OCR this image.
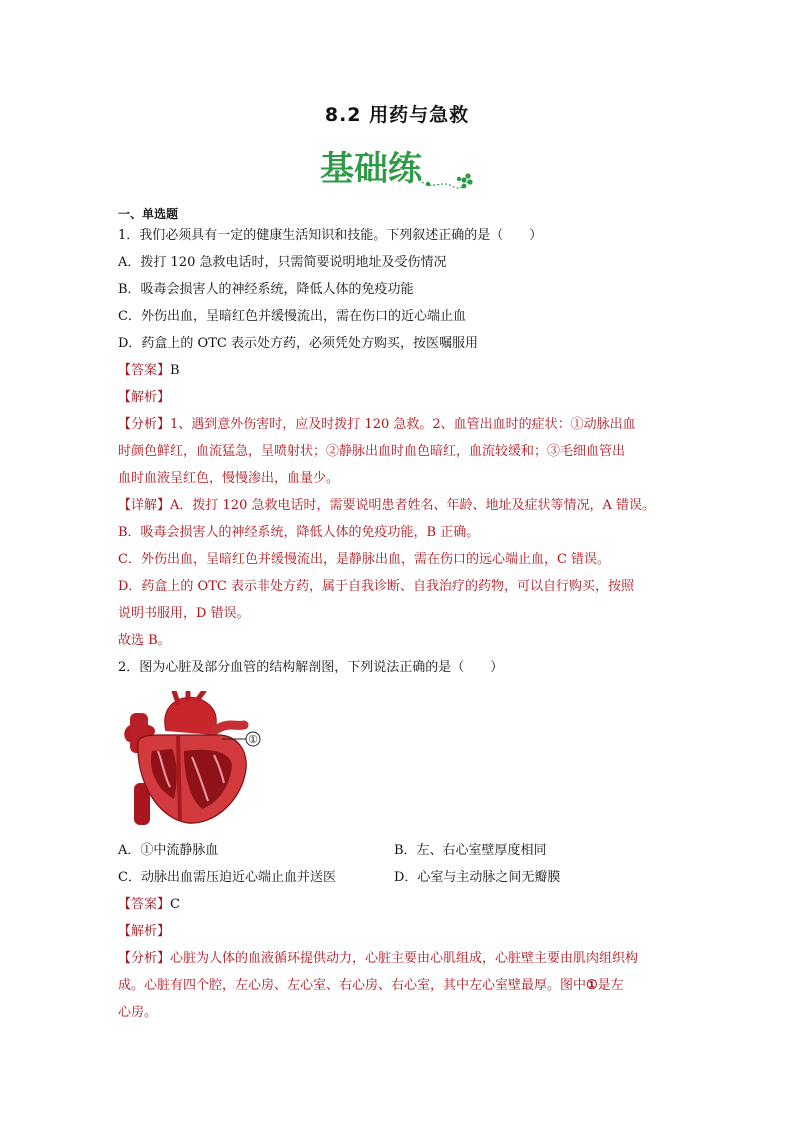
8.2 用药与急救
基础练

一、单选题

1．我们必须具有一定的健康生活知识和技能。下列叙述正确的是（　　）

A．拨打 120 急救电话时，只需简要说明地址及受伤情况

B．吸毒会损害人的神经系统，降低人体的免疫功能

C．外伤出血，呈暗红色并缓慢流出，需在伤口的近心端止血

D．药盒上的 OTC 表示处方药，必须凭处方购买，按医嘱服用

【答案】B

【解析】

【分析】1、遇到意外伤害时，应及时拨打 120 急救。2、血管出血时的症状：①动脉出血

时颜色鲜红，血流猛急，呈喷射状；②静脉出血时血色暗红，血流较缓和；③毛细血管出

血时血液呈红色，慢慢渗出，血量少。

【详解】A．拨打 120 急救电话时，需要说明患者姓名、年龄、地址及症状等情况，A 错误。

B．吸毒会损害人的神经系统，降低人体的免疫功能，B 正确。

C．外伤出血，呈暗红色并缓慢流出，是静脉出血，需在伤口的远心端止血，C 错误。

D．药盒上的 OTC 表示非处方药，属于自我诊断、自我治疗的药物，可以自行购买，按照

说明书服用，D 错误。

故选 B。

2．图为心脏及部分血管的结构解剖图，下列说法正确的是（　　）

①
A．①中流静脉血	B．左、右心室壁厚度相同
C．动脉出血需压迫近心端止血并送医	D．心室与主动脉之间无瓣膜

【答案】C

【解析】

【分析】心脏为人体的血液循环提供动力，心脏主要由心肌组成，心脏壁主要由肌肉组织构

成。心脏有四个腔，左心房、左心室、右心房、右心室，其中左心室壁最厚。图中①是左

心房。
